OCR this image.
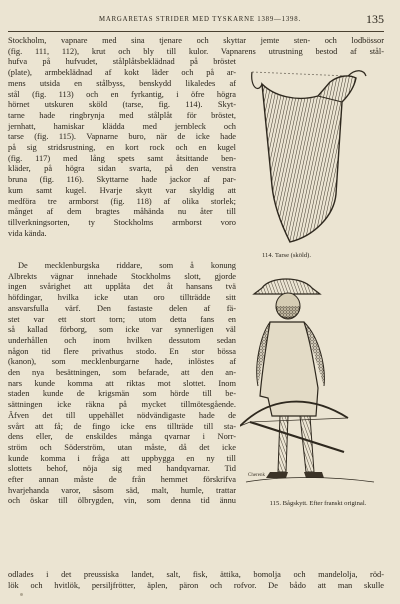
MARGARETAS STRIDER MED TYSKARNE 1389—1398.	135
Stockholm, vapnare med sina tjenare och skyttar jemte sten- och lodbössor
(fig. 111, 112), krut och bly till kulor. Vapnarens utrustning bestod af stål-
hufva på hufvudet, stålplåtsbeklädnad på bröstet
(plate), armbeklädnad af kokt läder och på ar-
mens utsida en stålbyss, benskydd likaledes af
stål (fig. 113) och en fyrkantig, i öfre högra
hörnet utskuren sköld (tarse, fig. 114). Skyt-
tarne hade ringbrynja med stålplåt för bröstet,
jernhatt, hamiskar klädda med jernbleck och
tarse (fig. 115). Vapnarne buro, när de icke hade
på sig stridsrustning, en kort rock och en kugel
(fig. 117) med lång spets samt åtsittande ben-
kläder, på högra sidan svarta, på den venstra
bruna (fig. 116). Skyttarne hade jackor af par-
kum samt kugel. Hvarje skytt var skyldig att
medföra tre armborst (fig. 118) af olika storlek;
månget af dem bragtes måhända nu åter till
tillverkningsorten, ty Stockholms armborst voro
vida kända.
De mecklenburgska riddare, som å konung
Albrekts vägnar innehade Stockholms slott, gjorde
ingen svårighet att upplåta det åt hansans tvä
höfdingar, hvilka icke utan oro tillträdde sitt
ansvarsfulla värf. Den fastaste delen af fä-
stet var ett stort torn; utom detta fans en
så kallad förborg, som icke var synnerligen väl
underhållen och inom hvilken dessutom sedan
någon tid flere privathus stodo. En stor bössa
(kanon), som mecklenburgarne hade, inlöstes af
den nya besättningen, som befarade, att den an-
nars kunde komma att riktas mot slottet. Inom
staden kunde de krigsmän som hörde till be-
sättningen icke räkna på mycket tillmötesgående.
Äfven det till uppehället nödvändigaste hade de
svårt att få; de fingo icke ens tillträde till sta-
dens eller, de enskildes många qvarnar i Norr-
ström och Söderström, utan måste, då det icke
kunde komma i fråga att uppbygga en ny till
slottets behof, nöja sig med handqvarnar. Tid
efter annan måste de från hemmet förskrifva
hvarjehanda varor, såsom säd, malt, humle, trattar
och öskar till ölbrygden, vin, som denna tid ännu
odlades i det preussiska landet, salt, fisk, ättika, bomolja och mandelolja, röd-
lök och hvitlök, persiljfrötter, äplen, päron och rofvor. De bådo att man skulle
114. Tarse (sköld).
Cherenk
115. Bågskytt. Efter franskt original.
